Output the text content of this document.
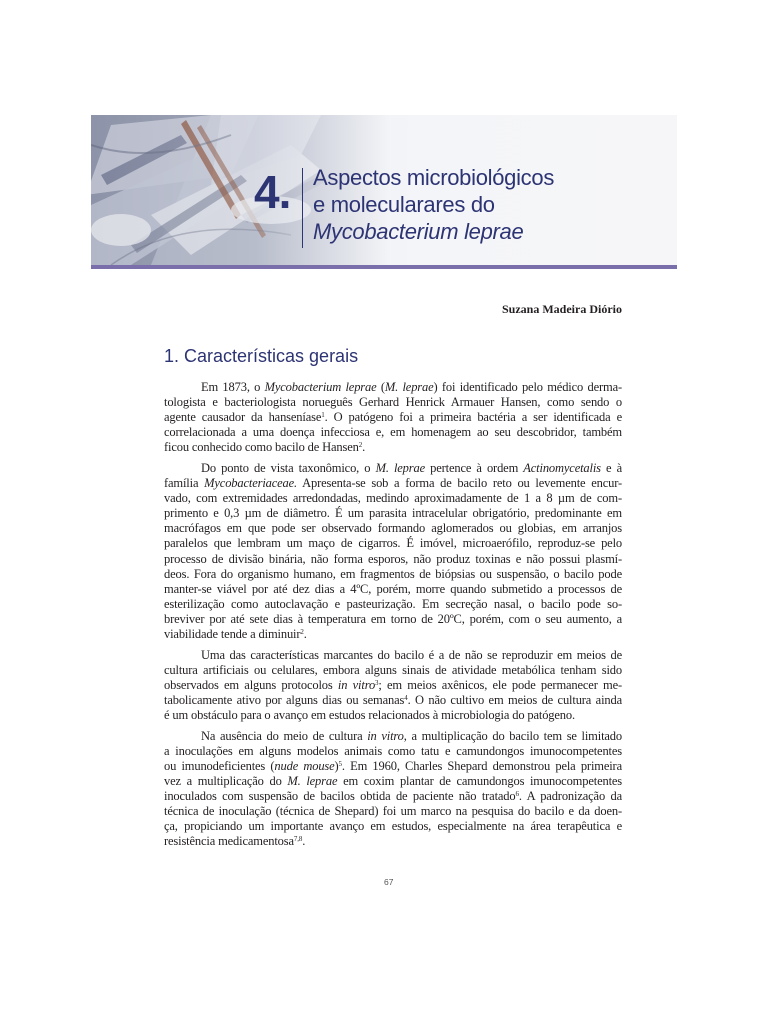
4. Aspectos microbiológicos
e molecularares do
Mycobacterium leprae
Suzana Madeira Diório
1. Características gerais
Em 1873, o Mycobacterium leprae (M. leprae) foi identificado pelo médico derma-
tologista e bacteriologista norueguês Gerhard Henrick Armauer Hansen, como sendo o
agente causador da hanseníase$^1$. O patógeno foi a primeira bactéria a ser identificada e
correlacionada a uma doença infecciosa e, em homenagem ao seu descobridor, também
ficou conhecido como bacilo de Hansen$^2$.
Do ponto de vista taxonômico, o M. leprae pertence à ordem Actinomycetalis e à
família Mycobacteriaceae. Apresenta-se sob a forma de bacilo reto ou levemente encur-
vado, com extremidades arredondadas, medindo aproximadamente de 1 a 8 µm de com-
primento e 0,3 µm de diâmetro. É um parasita intracelular obrigatório, predominante em
macrófagos em que pode ser observado formando aglomerados ou globias, em arranjos
paralelos que lembram um maço de cigarros. É imóvel, microaerófilo, reproduz-se pelo
processo de divisão binária, não forma esporos, não produz toxinas e não possui plasmí-
deos. Fora do organismo humano, em fragmentos de biópsias ou suspensão, o bacilo pode
manter-se viável por até dez dias a 4ºC, porém, morre quando submetido a processos de
esterilização como autoclavação e pasteurização. Em secreção nasal, o bacilo pode so-
breviver por até sete dias à temperatura em torno de 20ºC, porém, com o seu aumento, a
viabilidade tende a diminuir$^2$.
Uma das características marcantes do bacilo é a de não se reproduzir em meios de
cultura artificiais ou celulares, embora alguns sinais de atividade metabólica tenham sido
observados em alguns protocolos in vitro$^3$; em meios axênicos, ele pode permanecer me-
tabolicamente ativo por alguns dias ou semanas$^4$. O não cultivo em meios de cultura ainda
é um obstáculo para o avanço em estudos relacionados à microbiologia do patógeno.
Na ausência do meio de cultura in vitro, a multiplicação do bacilo tem se limitado
a inoculações em alguns modelos animais como tatu e camundongos imunocompetentes
ou imunodeficientes (nude mouse)$^5$. Em 1960, Charles Shepard demonstrou pela primeira
vez a multiplicação do M. leprae em coxim plantar de camundongos imunocompetentes
inoculados com suspensão de bacilos obtida de paciente não tratado$^6$. A padronização da
técnica de inoculação (técnica de Shepard) foi um marco na pesquisa do bacilo e da doen-
ça, propiciando um importante avanço em estudos, especialmente na área terapêutica e
resistência medicamentosa$^{7,8}$.
67
